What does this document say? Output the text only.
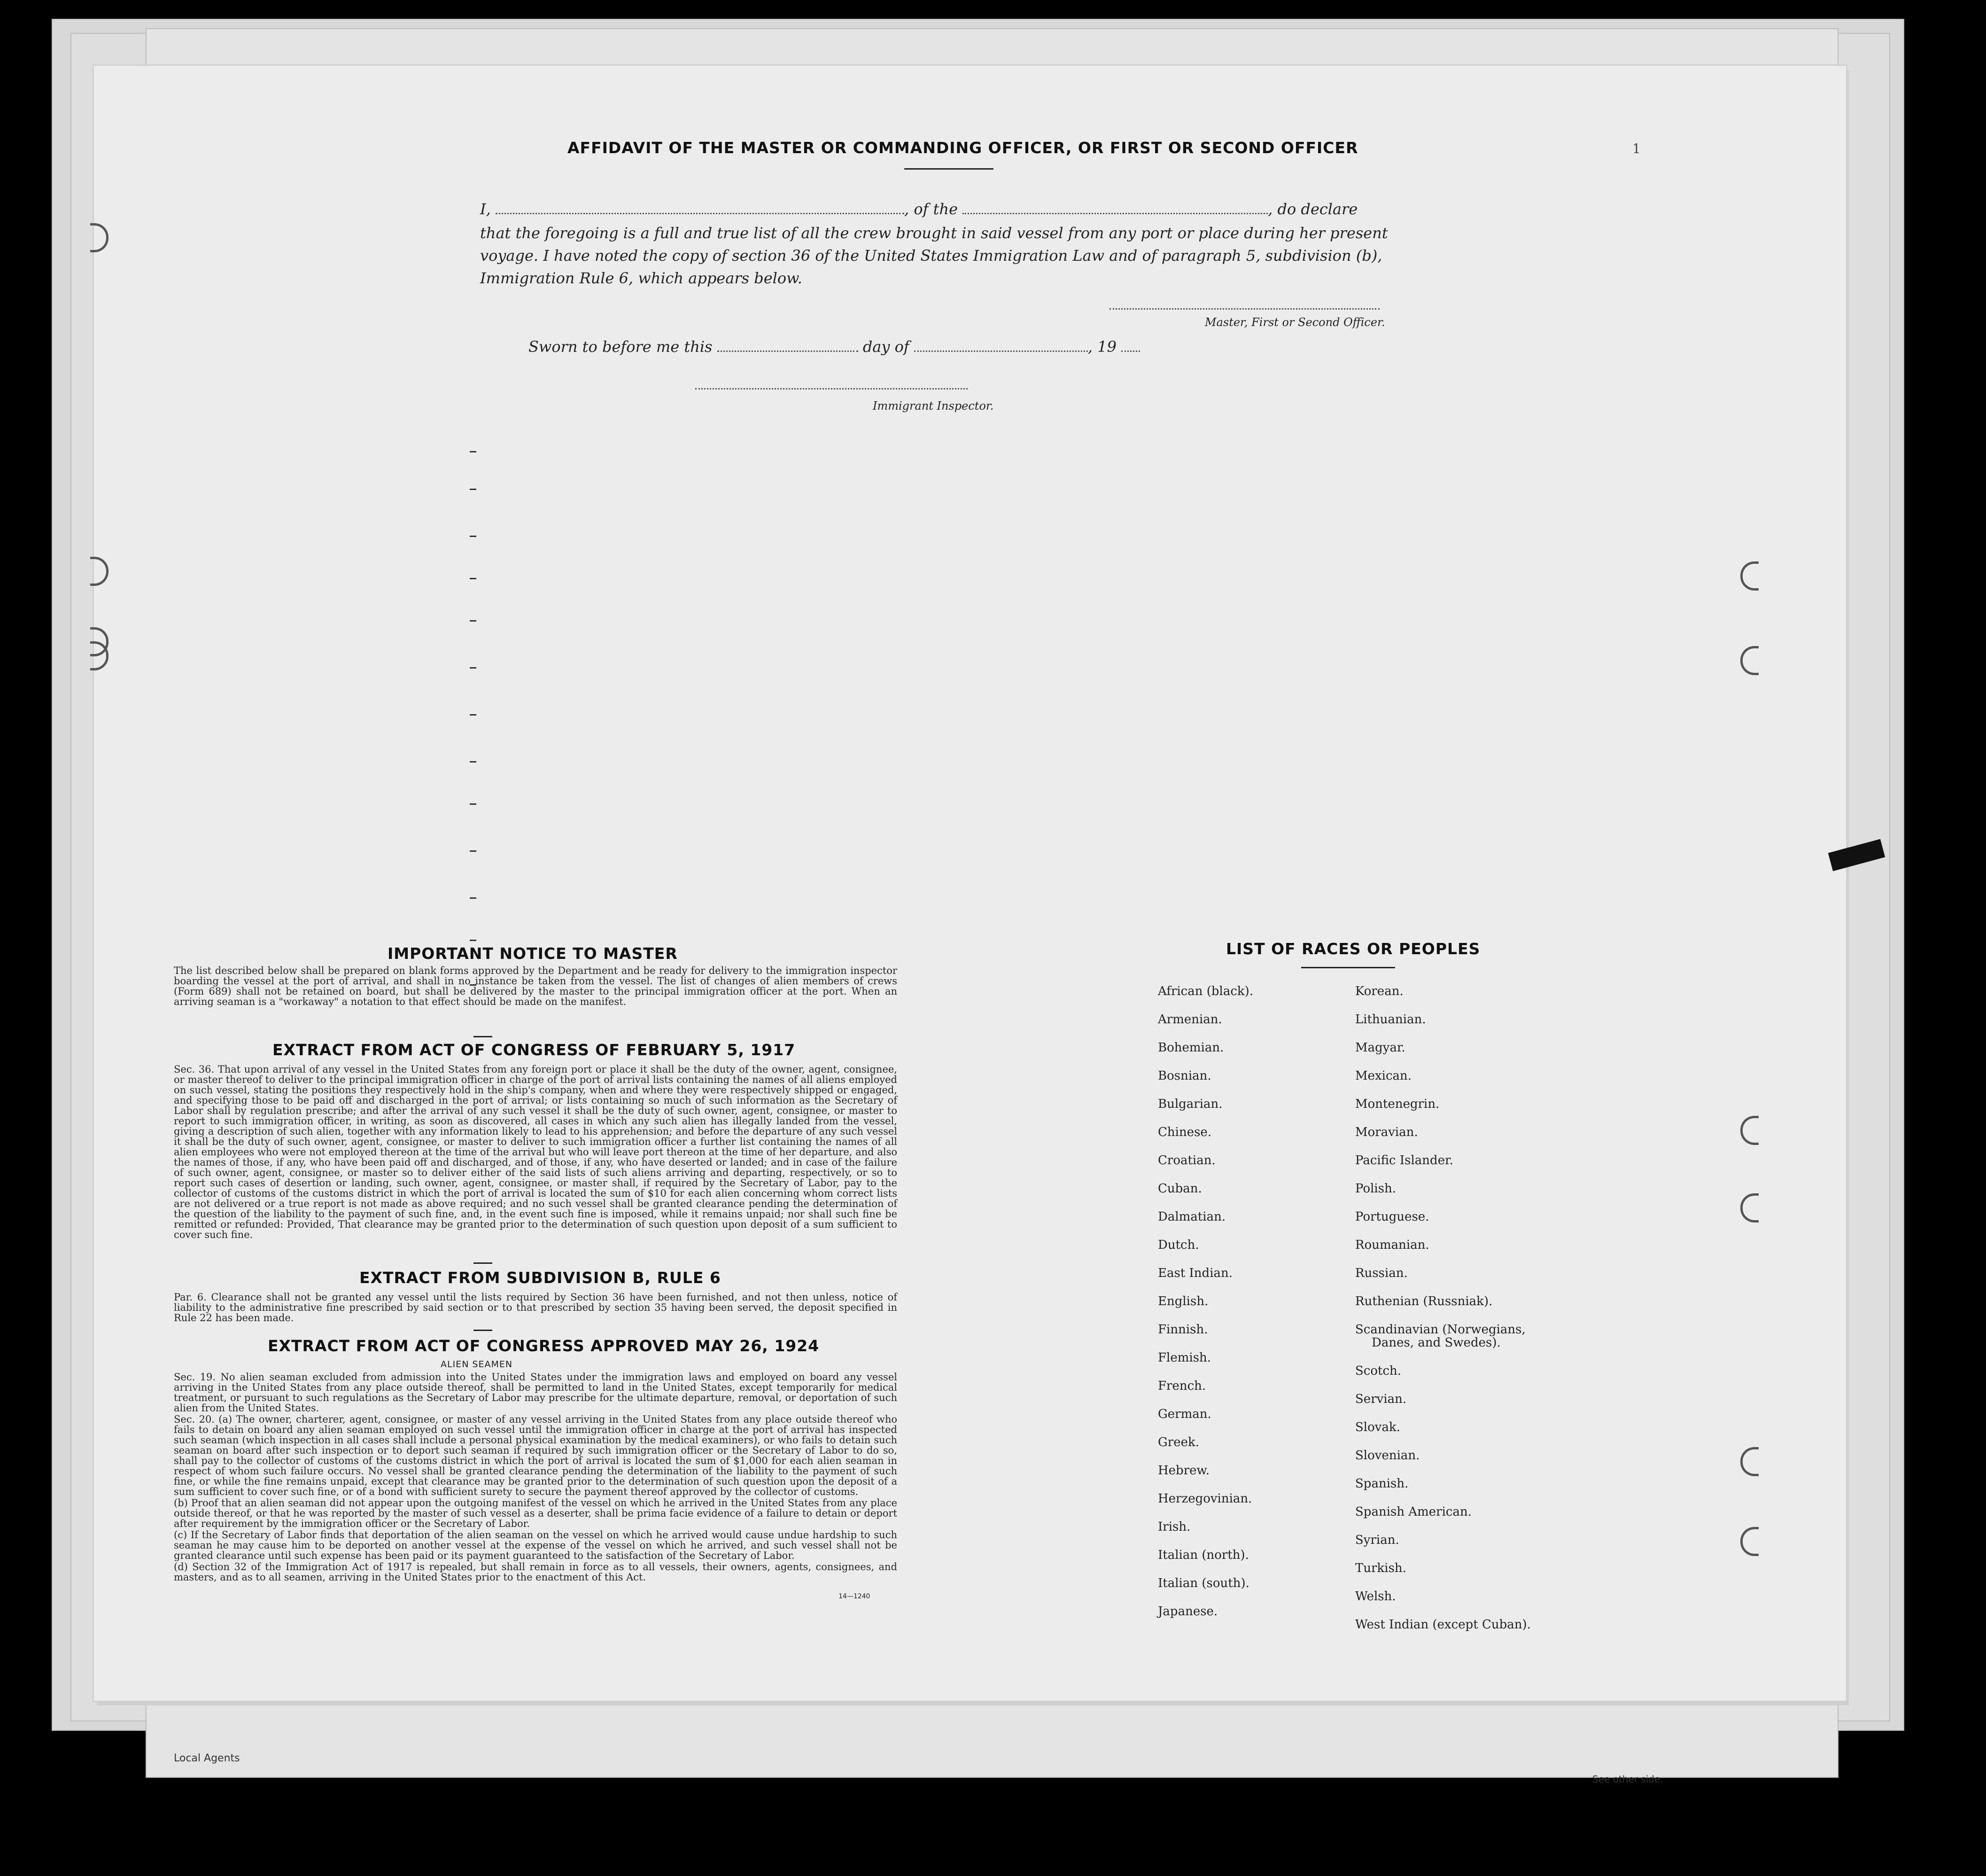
Local Agents
See other side.
1
AFFIDAVIT OF THE MASTER OR COMMANDING OFFICER, OR FIRST OR SECOND OFFICER
I,	, of the	, do declare
that the foregoing is a full and true list of all the crew brought in said vessel from any port or place during her present
voyage. I have noted the copy of section 36 of the United States Immigration Law and of paragraph 5, subdivision (b),
Immigration Rule 6, which appears below.
Master, First or Second Officer.
Sworn to before me this	day of	, 19
Immigrant Inspector.
IMPORTANT NOTICE TO MASTER
The list described below shall be prepared on blank forms approved by the Department and be ready for delivery to the immigration inspector boarding the vessel at the port of arrival, and shall in no instance be taken from the vessel. The list of changes of alien members of crews (Form 689) shall not be retained on board, but shall be delivered by the master to the principal immigration officer at the port. When an arriving seaman is a "workaway" a notation to that effect should be made on the manifest.
EXTRACT FROM ACT OF CONGRESS OF FEBRUARY 5, 1917
Sec. 36. That upon arrival of any vessel in the United States from any foreign port or place it shall be the duty of the owner, agent, consignee, or master thereof to deliver to the principal immigration officer in charge of the port of arrival lists containing the names of all aliens employed on such vessel, stating the positions they respectively hold in the ship's company, when and where they were respectively shipped or engaged, and specifying those to be paid off and discharged in the port of arrival; or lists containing so much of such information as the Secretary of Labor shall by regulation prescribe; and after the arrival of any such vessel it shall be the duty of such owner, agent, consignee, or master to report to such immigration officer, in writing, as soon as discovered, all cases in which any such alien has illegally landed from the vessel, giving a description of such alien, together with any information likely to lead to his apprehension; and before the departure of any such vessel it shall be the duty of such owner, agent, consignee, or master to deliver to such immigration officer a further list containing the names of all alien employees who were not employed thereon at the time of the arrival but who will leave port thereon at the time of her departure, and also the names of those, if any, who have been paid off and discharged, and of those, if any, who have deserted or landed; and in case of the failure of such owner, agent, consignee, or master so to deliver either of the said lists of such aliens arriving and departing, respectively, or so to report such cases of desertion or landing, such owner, agent, consignee, or master shall, if required by the Secretary of Labor, pay to the collector of customs of the customs district in which the port of arrival is located the sum of $10 for each alien concerning whom correct lists are not delivered or a true report is not made as above required; and no such vessel shall be granted clearance pending the determination of the question of the liability to the payment of such fine, and, in the event such fine is imposed, while it remains unpaid; nor shall such fine be remitted or refunded: Provided, That clearance may be granted prior to the determination of such question upon deposit of a sum sufficient to cover such fine.
EXTRACT FROM SUBDIVISION B, RULE 6
Par. 6. Clearance shall not be granted any vessel until the lists required by Section 36 have been furnished, and not then unless, notice of liability to the administrative fine prescribed by said section or to that prescribed by section 35 having been served, the deposit specified in Rule 22 has been made.
EXTRACT FROM ACT OF CONGRESS APPROVED MAY 26, 1924
ALIEN SEAMEN

Sec. 19. No alien seaman excluded from admission into the United States under the immigration laws and employed on board any vessel arriving in the United States from any place outside thereof, shall be permitted to land in the United States, except temporarily for medical treatment, or pursuant to such regulations as the Secretary of Labor may prescribe for the ultimate departure, removal, or deportation of such alien from the United States.

Sec. 20. (a) The owner, charterer, agent, consignee, or master of any vessel arriving in the United States from any place outside thereof who fails to detain on board any alien seaman employed on such vessel until the immigration officer in charge at the port of arrival has inspected such seaman (which inspection in all cases shall include a personal physical examination by the medical examiners), or who fails to detain such seaman on board after such inspection or to deport such seaman if required by such immigration officer or the Secretary of Labor to do so, shall pay to the collector of customs of the customs district in which the port of arrival is located the sum of $1,000 for each alien seaman in respect of whom such failure occurs. No vessel shall be granted clearance pending the determination of the liability to the payment of such fine, or while the fine remains unpaid, except that clearance may be granted prior to the determination of such question upon the deposit of a sum sufficient to cover such fine, or of a bond with sufficient surety to secure the payment thereof approved by the collector of customs.

(b) Proof that an alien seaman did not appear upon the outgoing manifest of the vessel on which he arrived in the United States from any place outside thereof, or that he was reported by the master of such vessel as a deserter, shall be prima facie evidence of a failure to detain or deport after requirement by the immigration officer or the Secretary of Labor.

(c) If the Secretary of Labor finds that deportation of the alien seaman on the vessel on which he arrived would cause undue hardship to such seaman he may cause him to be deported on another vessel at the expense of the vessel on which he arrived, and such vessel shall not be granted clearance until such expense has been paid or its payment guaranteed to the satisfaction of the Secretary of Labor.

(d) Section 32 of the Immigration Act of 1917 is repealed, but shall remain in force as to all vessels, their owners, agents, consignees, and masters, and as to all seamen, arriving in the United States prior to the enactment of this Act.

14—1240
LIST OF RACES OR PEOPLES
African (black).
Armenian.
Bohemian.
Bosnian.
Bulgarian.
Chinese.
Croatian.
Cuban.
Dalmatian.
Dutch.
East Indian.
English.
Finnish.
Flemish.
French.
German.
Greek.
Hebrew.
Herzegovinian.
Irish.
Italian (north).
Italian (south).
Japanese.
Korean.
Lithuanian.
Magyar.
Mexican.
Montenegrin.
Moravian.
Pacific Islander.
Polish.
Portuguese.
Roumanian.
Russian.
Ruthenian (Russniak).
Scandinavian (Norwegians,
Danes, and Swedes).
Scotch.
Servian.
Slovak.
Slovenian.
Spanish.
Spanish American.
Syrian.
Turkish.
Welsh.
West Indian (except Cuban).
